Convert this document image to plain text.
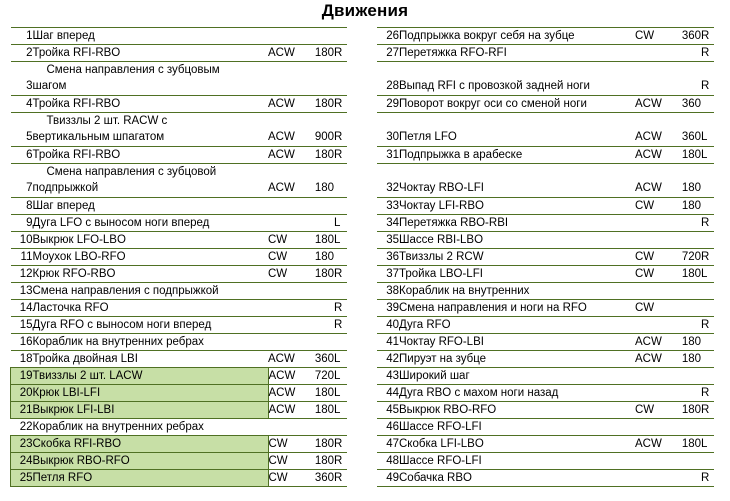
Движения
1	Шаг вперед			
2	Тройка RFI-RBO	ACW	180	R
	Смена направления с зубцовым			
3	шагом			
4	Тройка RFI-RBO	ACW	180	R
	Твиззлы 2 шт. RACW с			
5	вертикальным шпагатом	ACW	900	R
6	Тройка RFI-RBO	ACW	180	R
	Смена направления с зубцовой			
7	подпрыжкой	ACW	180	
8	Шаг вперед			
9	Дуга LFO с выносом ноги вперед			L
10	Выкрюк LFO-LBO	CW	180	L
11	Моухок LBO-RFO	CW	180	
12	Крюк RFO-RBO	CW	180	R
13	Смена направления с подпрыжкой			
14	Ласточка RFO			R
15	Дуга RFO с выносом ноги вперед			R
16	Кораблик на внутренних ребрах			
18	Тройка двойная LBI	ACW	360	L
19	Твиззлы 2 шт. LACW	ACW	720	L
20	Крюк LBI-LFI	ACW	180	L
21	Выкрюк LFI-LBI	ACW	180	L
22	Кораблик на внутренних ребрах			
23	Скобка RFI-RBO	CW	180	R
24	Выкрюк RBO-RFO	CW	180	R
25	Петля RFO	CW	360	R
26	Подпрыжка вокруг себя на зубце	CW	360	R
27	Перетяжка RFO-RFI			R

28	Выпад RFI с провозкой задней ноги			R
29	Поворот вокруг оси со сменой ноги	ACW	360	

30	Петля LFO	ACW	360	L
31	Подпрыжка в арабеске	ACW	180	L

32	Чоктау RBO-LFI	ACW	180	
33	Чоктау LFI-RBO	CW	180	
34	Перетяжка RBO-RBI			R
35	Шассе RBI-LBO			
36	Твиззлы 2 RCW	CW	720	R
37	Тройка LBO-LFI	CW	180	L
38	Кораблик на внутренних			
39	Смена направления и ноги на RFO	CW		
40	Дуга RFO			R
41	Чоктау RFO-LBI	ACW	180	
42	Пируэт на зубце	ACW	180	
43	Широкий шаг			
44	Дуга RBO с махом ноги назад			R
45	Выкрюк RBO-RFO	CW	180	R
46	Шассе RFO-LFI			
47	Скобка LFI-LBO	ACW	180	L
48	Шассе RFO-LFI			
49	Собачка RBO			R
